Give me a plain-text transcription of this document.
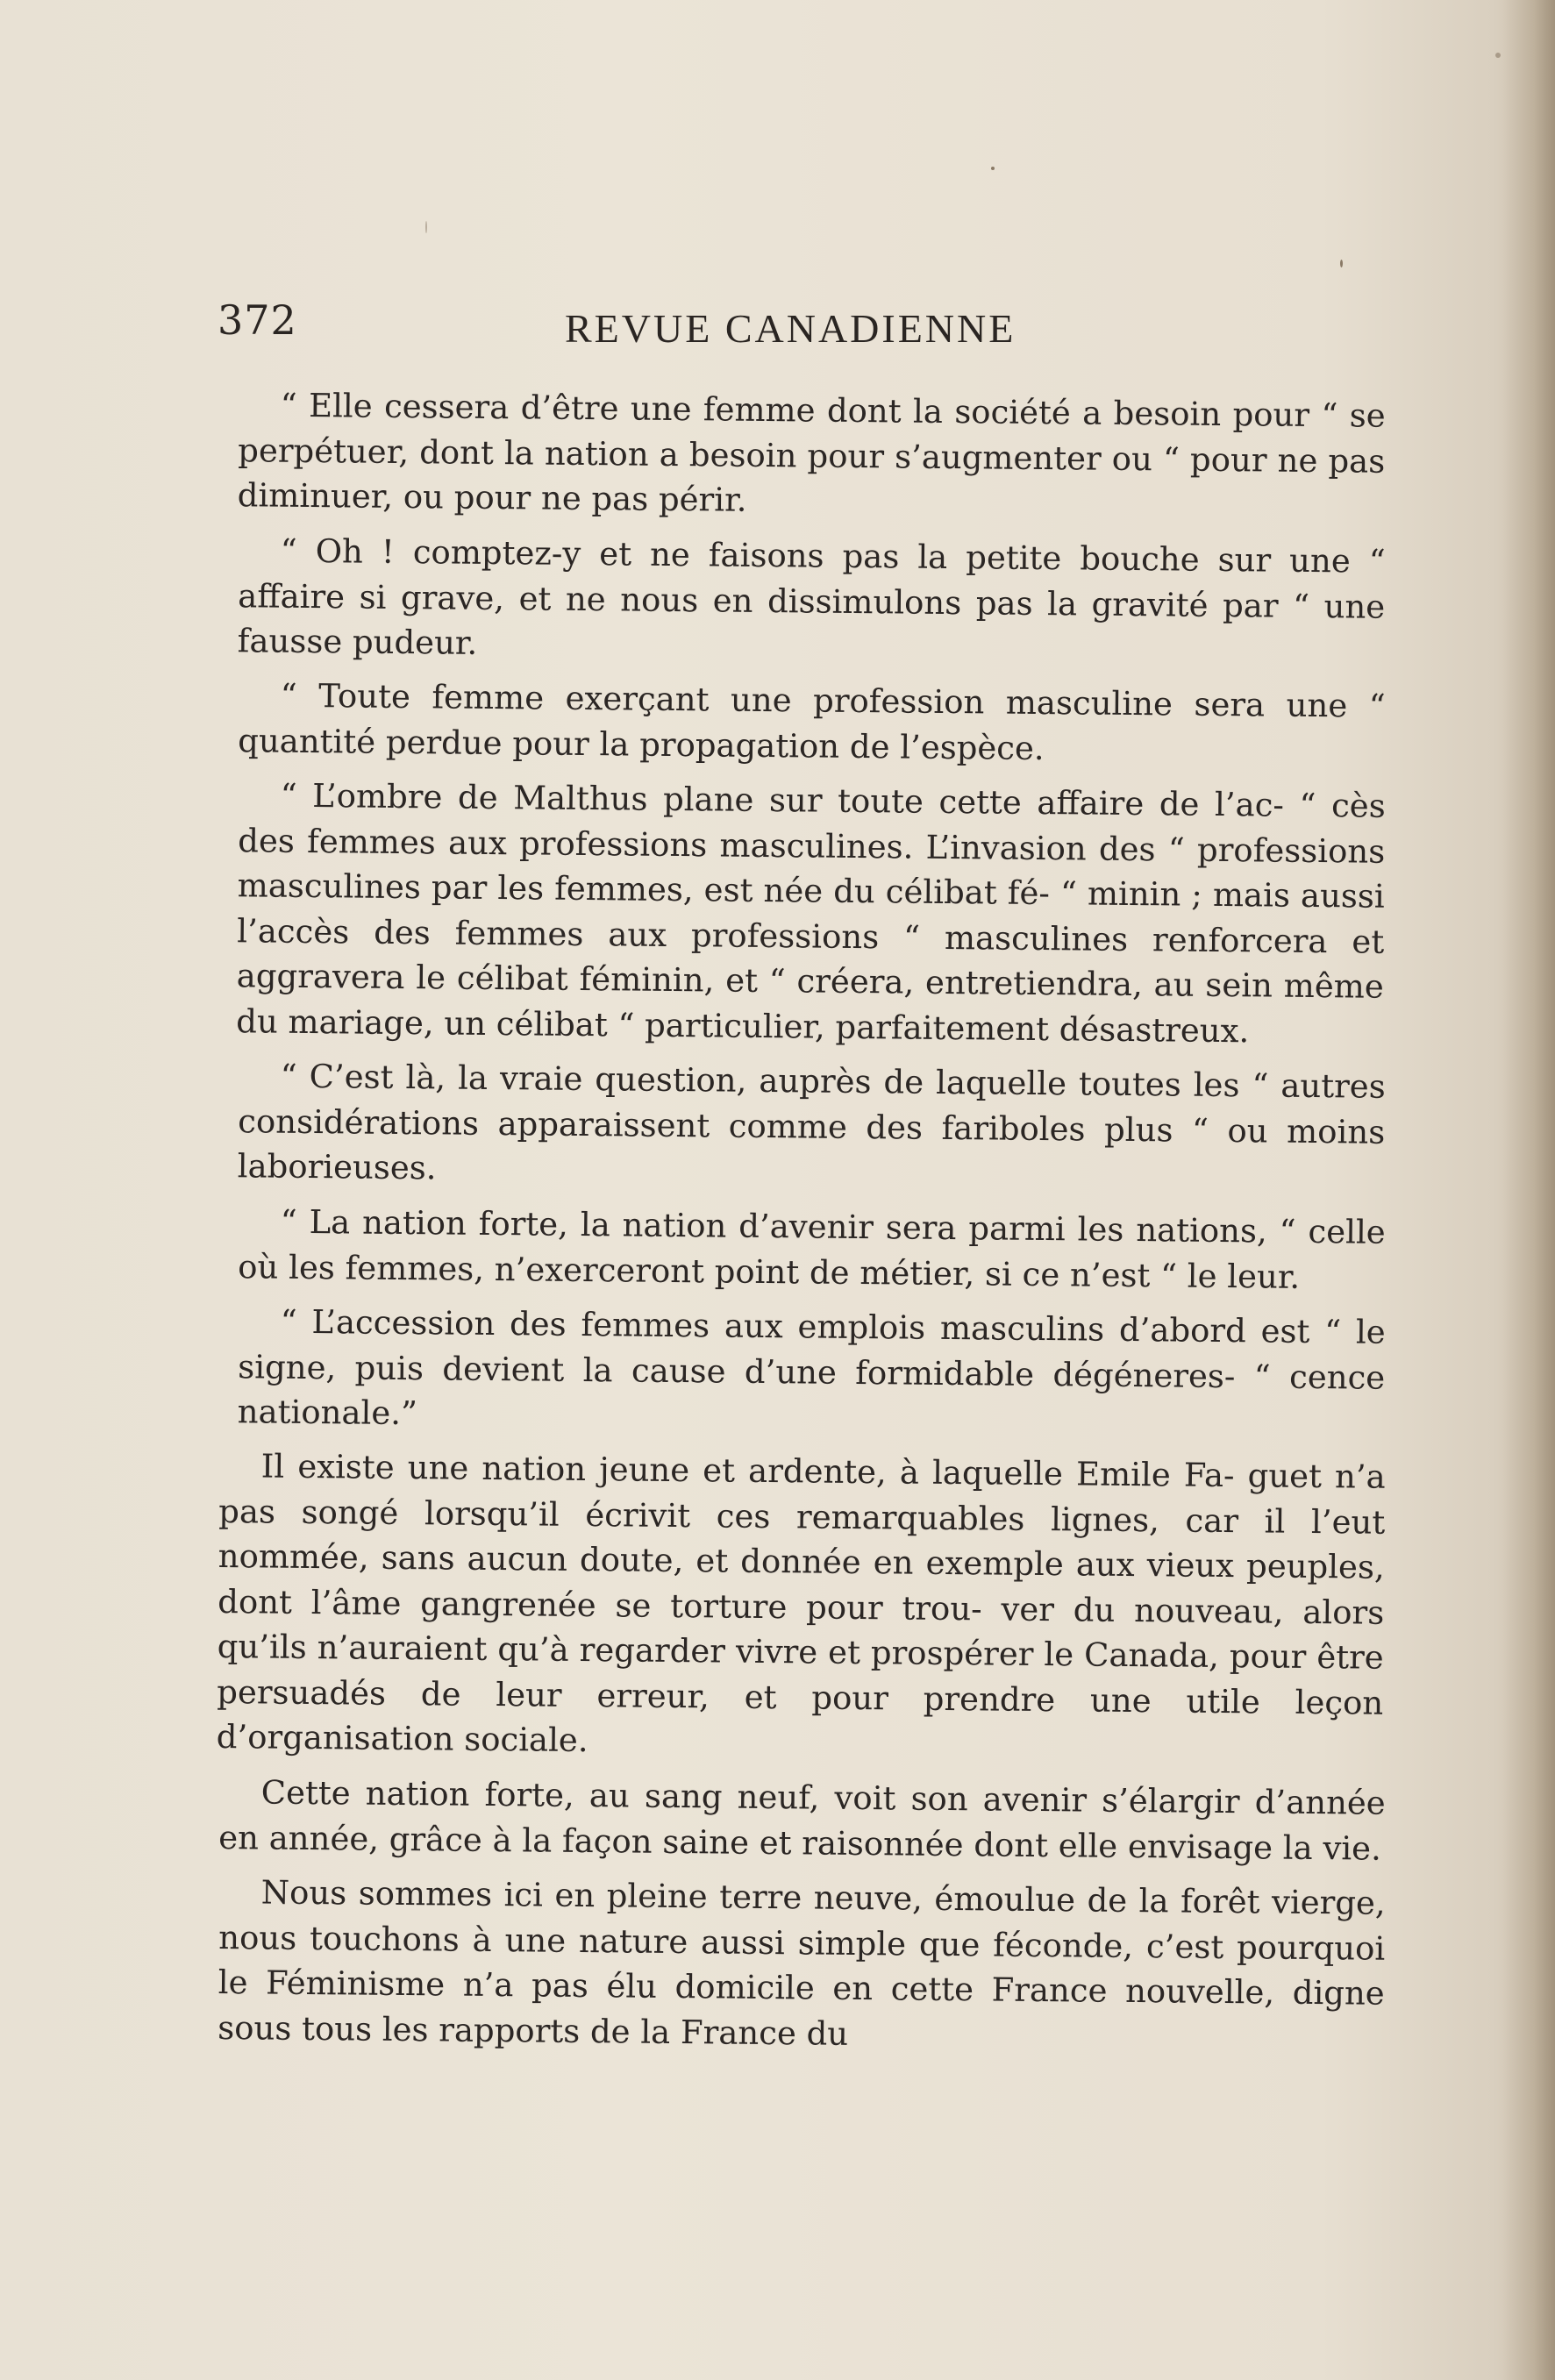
372	REVUE CANADIENNE

“ Elle cessera d’être une femme dont la société a besoin pour “ se perpétuer, dont la nation a besoin pour s’augmenter ou “ pour ne pas diminuer, ou pour ne pas périr.

“ Oh ! comptez-y et ne faisons pas la petite bouche sur une “ affaire si grave, et ne nous en dissimulons pas la gravité par “ une fausse pudeur.

“ Toute femme exerçant une profession masculine sera une “ quantité perdue pour la propagation de l’espèce.

“ L’ombre de Malthus plane sur toute cette affaire de l’ac- “ cès des femmes aux professions masculines. L’invasion des “ professions masculines par les femmes, est née du célibat fé- “ minin ; mais aussi l’accès des femmes aux professions “ masculines renforcera et aggravera le célibat féminin, et “ créera, entretiendra, au sein même du mariage, un célibat “ particulier, parfaitement désastreux.

“ C’est là, la vraie question, auprès de laquelle toutes les “ autres considérations apparaissent comme des fariboles plus “ ou moins laborieuses.

“ La nation forte, la nation d’avenir sera parmi les nations, “ celle où les femmes, n’exerceront point de métier, si ce n’est “ le leur.

“ L’accession des femmes aux emplois masculins d’abord est “ le signe, puis devient la cause d’une formidable dégéneres- “ cence nationale.”

Il existe une nation jeune et ardente, à laquelle Emile Fa- guet n’a pas songé lorsqu’il écrivit ces remarquables lignes, car il l’eut nommée, sans aucun doute, et donnée en exemple aux vieux peuples, dont l’âme gangrenée se torture pour trou- ver du nouveau, alors qu’ils n’auraient qu’à regarder vivre et prospérer le Canada, pour être persuadés de leur erreur, et pour prendre une utile leçon d’organisation sociale.

Cette nation forte, au sang neuf, voit son avenir s’élargir d’année en année, grâce à la façon saine et raisonnée dont elle envisage la vie.

Nous sommes ici en pleine terre neuve, émoulue de la forêt vierge, nous touchons à une nature aussi simple que féconde, c’est pourquoi le Féminisme n’a pas élu domicile en cette France nouvelle, digne sous tous les rapports de la France du
